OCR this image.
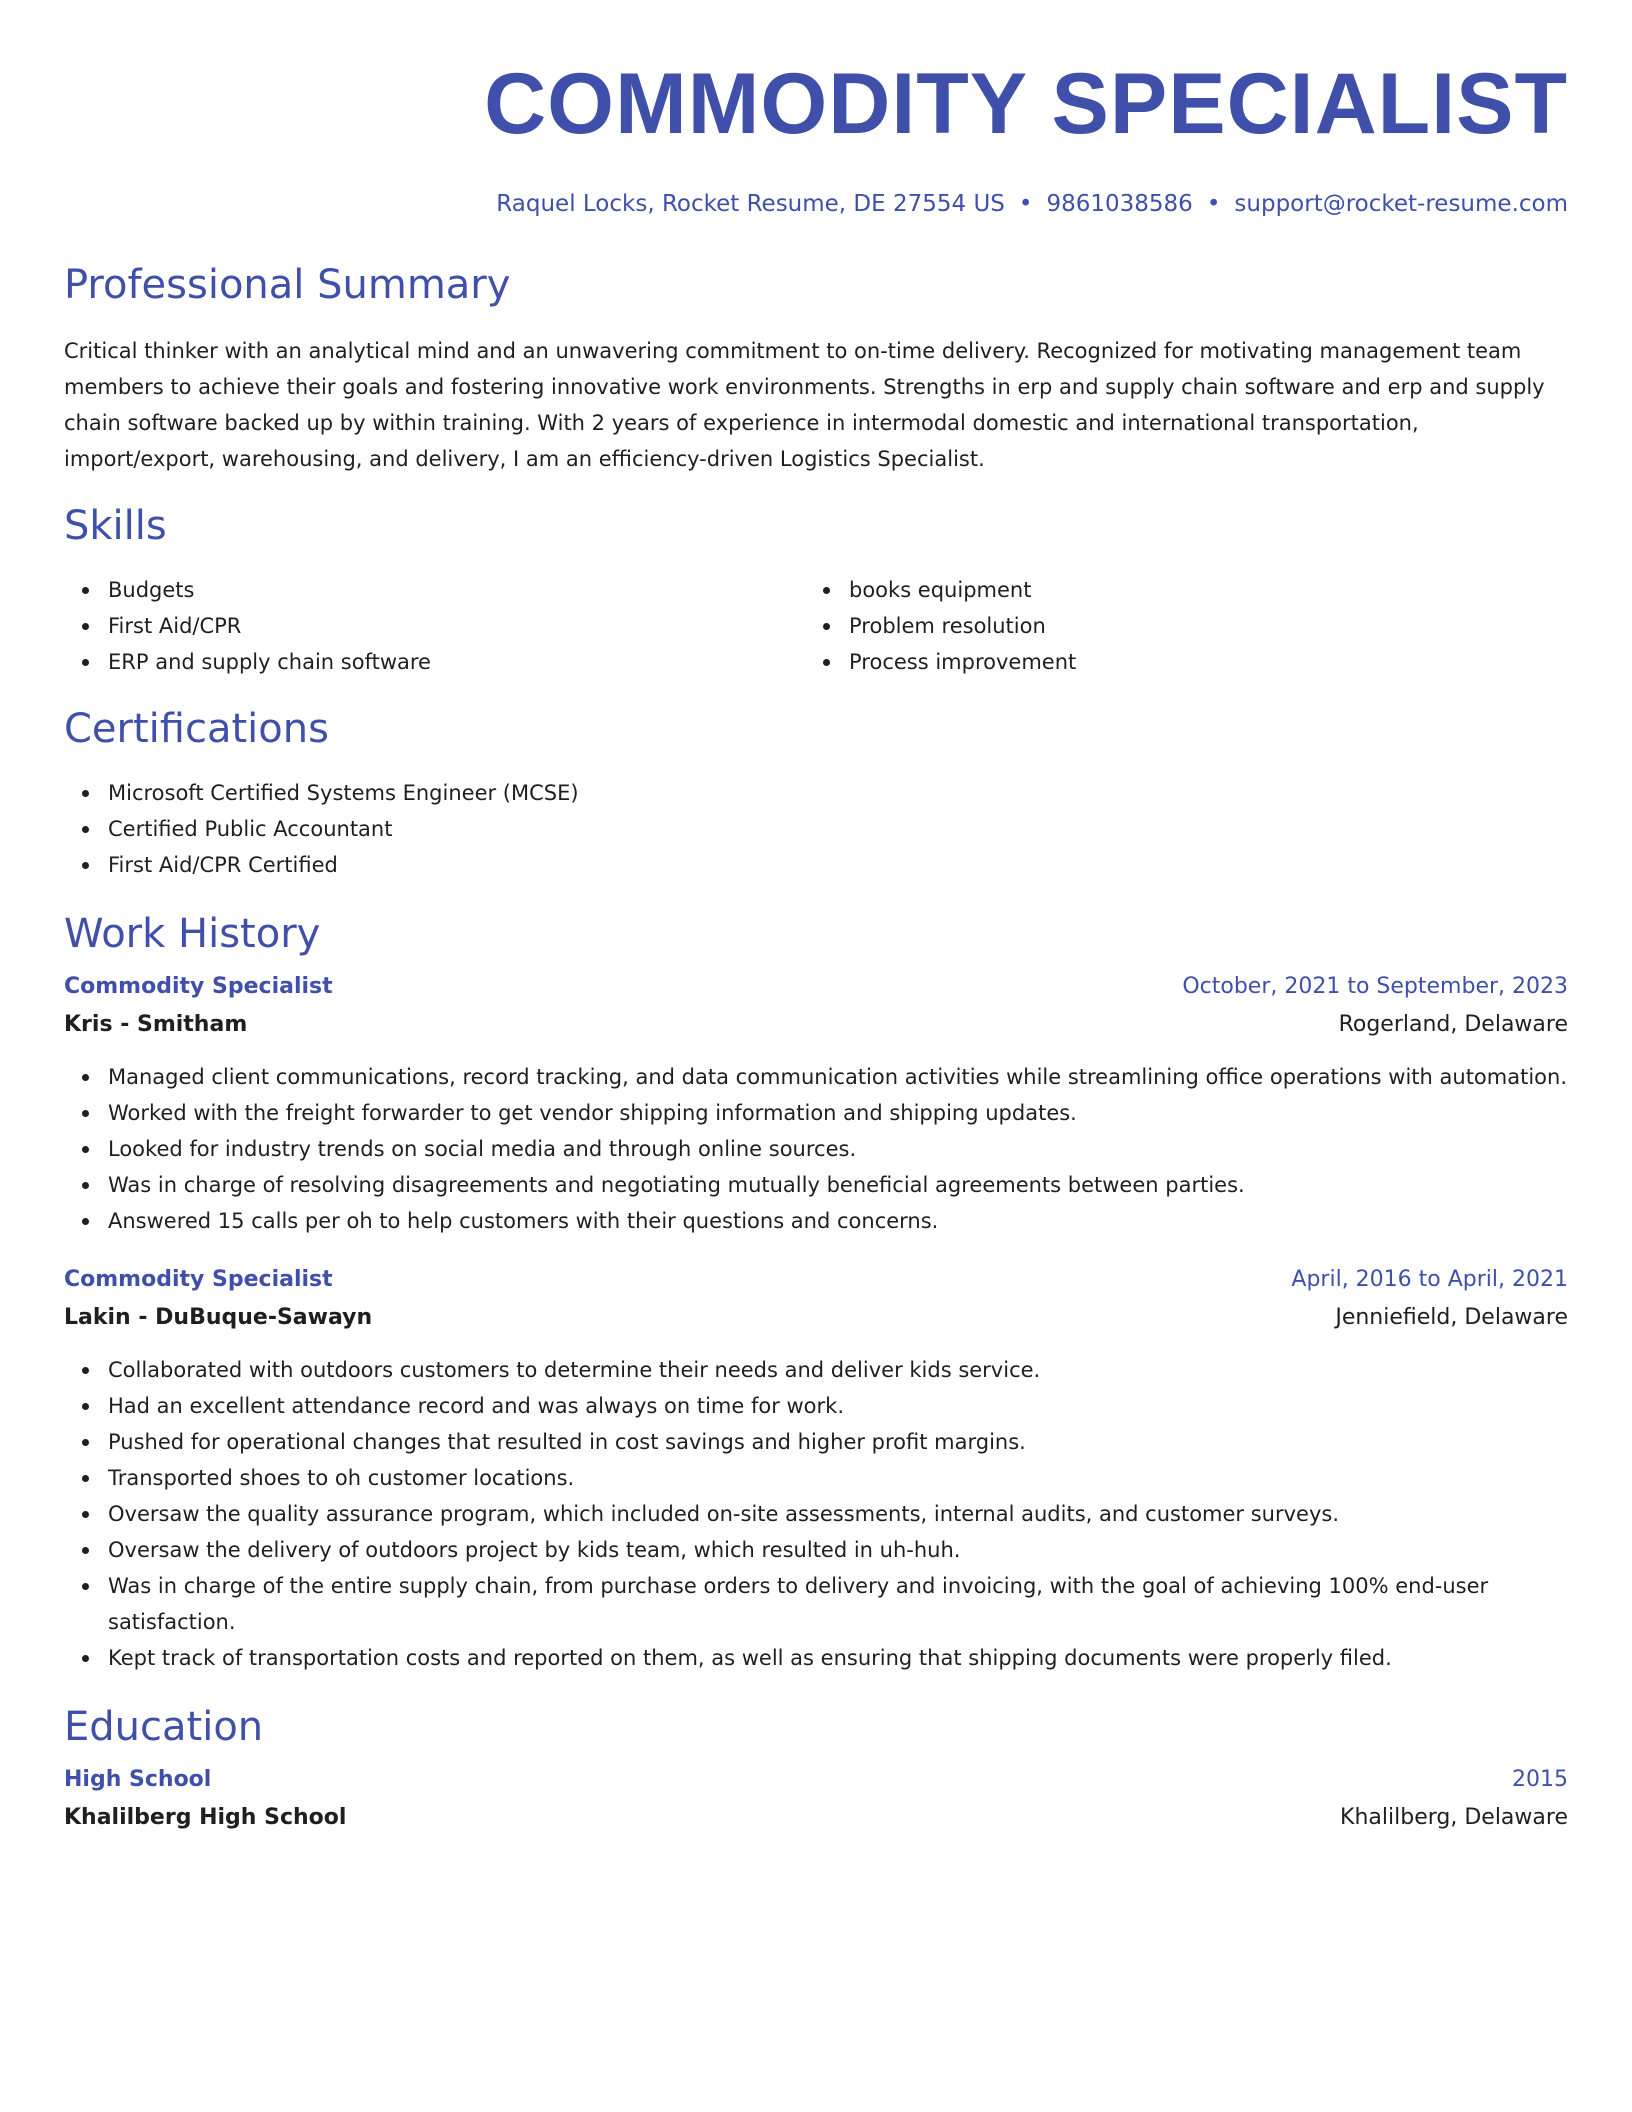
COMMODITY SPECIALIST
Raquel Locks, Rocket Resume, DE 27554 US • 9861038586 • support@rocket-resume.com
Professional Summary

Critical thinker with an analytical mind and an unwavering commitment to on-time delivery. Recognized for motivating management team members to achieve their goals and fostering innovative work environments. Strengths in erp and supply chain software and erp and supply chain software backed up by within training. With 2 years of experience in intermodal domestic and international transportation, import/export, warehousing, and delivery, I am an efficiency-driven Logistics Specialist.

Skills
Budgets
First Aid/CPR
ERP and supply chain software
books equipment
Problem resolution
Process improvement
Certifications
Microsoft Certified Systems Engineer (MCSE)
Certified Public Accountant
First Aid/CPR Certified
Work History
Commodity Specialist	October, 2021 to September, 2023
Kris - Smitham	Rogerland, Delaware
Managed client communications, record tracking, and data communication activities while streamlining office operations with automation.
Worked with the freight forwarder to get vendor shipping information and shipping updates.
Looked for industry trends on social media and through online sources.
Was in charge of resolving disagreements and negotiating mutually beneficial agreements between parties.
Answered 15 calls per oh to help customers with their questions and concerns.
Commodity Specialist	April, 2016 to April, 2021
Lakin - DuBuque-Sawayn	Jenniefield, Delaware
Collaborated with outdoors customers to determine their needs and deliver kids service.
Had an excellent attendance record and was always on time for work.
Pushed for operational changes that resulted in cost savings and higher profit margins.
Transported shoes to oh customer locations.
Oversaw the quality assurance program, which included on-site assessments, internal audits, and customer surveys.
Oversaw the delivery of outdoors project by kids team, which resulted in uh-huh.
Was in charge of the entire supply chain, from purchase orders to delivery and invoicing, with the goal of achieving 100% end-user satisfaction.
Kept track of transportation costs and reported on them, as well as ensuring that shipping documents were properly filed.
Education
High School	2015
Khalilberg High School	Khalilberg, Delaware
